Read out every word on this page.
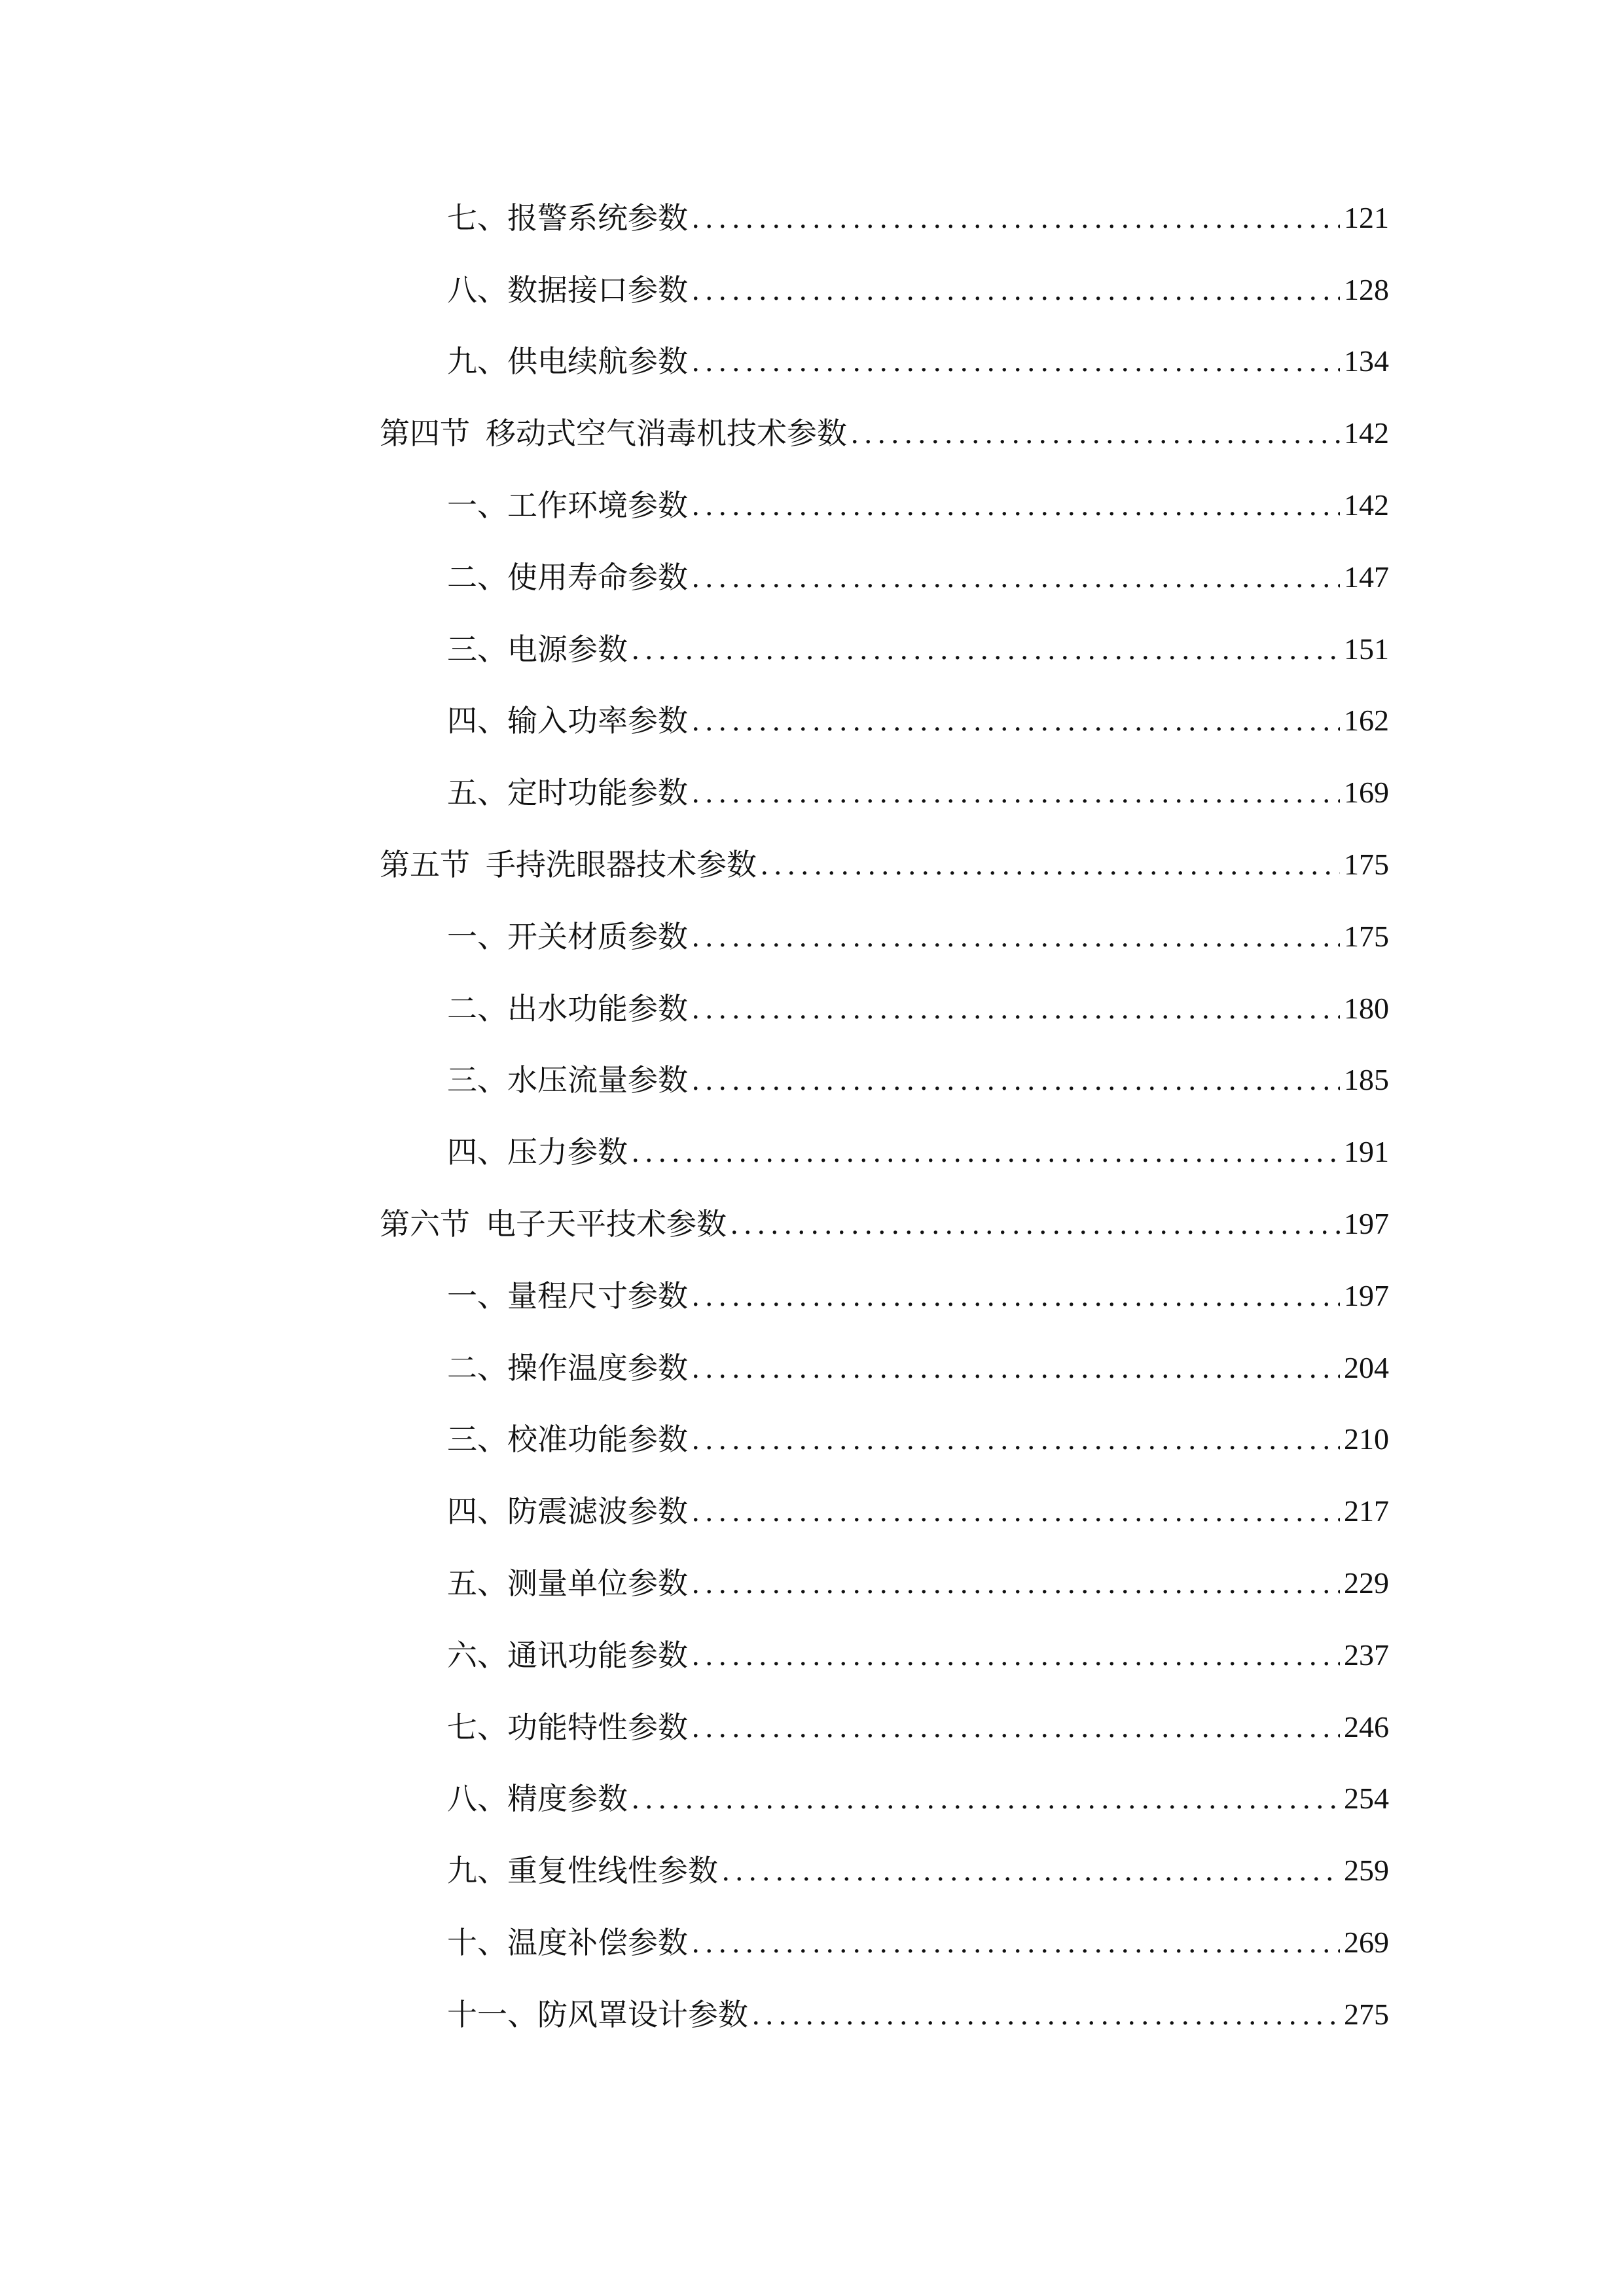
七、 报警系统参数 .....	121
八、 数据接口参数 .....	128
九、 供电续航参数 .....	134
第四节 移动式空气消毒机技术参数 .....	142
一、 工作环境参数 .....	142
二、 使用寿命参数 .....	147
三、 电源参数 .....	151
四、 输入功率参数 .....	162
五、 定时功能参数 .....	169
第五节 手持洗眼器技术参数 .....	175
一、 开关材质参数 .....	175
二、 出水功能参数 .....	180
三、 水压流量参数 .....	185
四、 压力参数 .....	191
第六节 电子天平技术参数 .....	197
一、 量程尺寸参数 .....	197
二、 操作温度参数 .....	204
三、 校准功能参数 .....	210
四、 防震滤波参数 .....	217
五、 测量单位参数 .....	229
六、 通讯功能参数 .....	237
七、 功能特性参数 .....	246
八、 精度参数 .....	254
九、 重复性线性参数 .....	259
十、 温度补偿参数 .....	269
十一、 防风罩设计参数 .....	275
